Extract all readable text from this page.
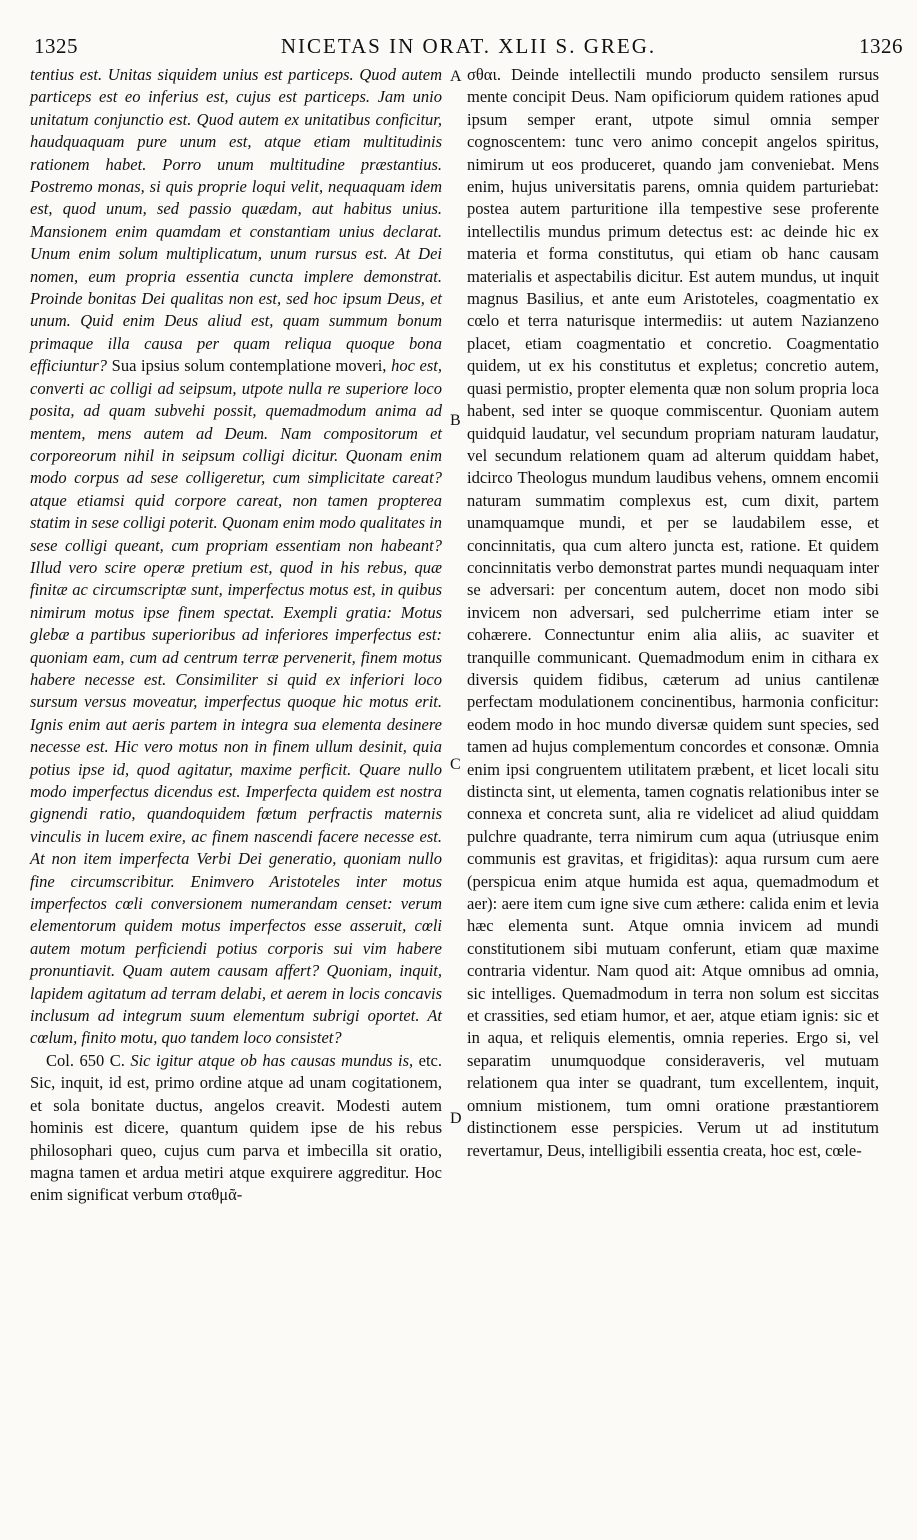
1325	NICETAS IN ORAT. XLII S. GREG.	1326

tentius est. Unitas siquidem unius est particeps. Quod autem particeps est eo inferius est, cujus est particeps. Jam unio unitatum conjunctio est. Quod autem ex unitatibus conficitur, haudquaquam pure unum est, atque etiam multitudinis rationem habet. Porro unum multitudine præstantius. Postremo monas, si quis proprie loqui velit, nequaquam idem est, quod unum, sed passio quædam, aut habitus unius. Mansionem enim quamdam et constantiam unius declarat. Unum enim solum multiplicatum, unum rursus est. At Dei nomen, eum propria essentia cuncta implere demonstrat. Proinde bonitas Dei qualitas non est, sed hoc ipsum Deus, et unum. Quid enim Deus aliud est, quam summum bonum primaque illa causa per quam reliqua quoque bona efficiuntur? Sua ipsius solum contemplatione moveri, hoc est, converti ac colligi ad seipsum, utpote nulla re superiore loco posita, ad quam subvehi possit, quemadmodum anima ad mentem, mens autem ad Deum. Nam compositorum et corporeorum nihil in seipsum colligi dicitur. Quonam enim modo corpus ad sese colligeretur, cum simplicitate careat? atque etiamsi quid corpore careat, non tamen propterea statim in sese colligi poterit. Quonam enim modo qualitates in sese colligi queant, cum propriam essentiam non habeant? Illud vero scire operæ pretium est, quod in his rebus, quæ finitæ ac circumscriptæ sunt, imperfectus motus est, in quibus nimirum motus ipse finem spectat. Exempli gratia: Motus glebæ a partibus superioribus ad inferiores imperfectus est: quoniam eam, cum ad centrum terræ pervenerit, finem motus habere necesse est. Consimiliter si quid ex inferiori loco sursum versus moveatur, imperfectus quoque hic motus erit. Ignis enim aut aeris partem in integra sua elementa desinere necesse est. Hic vero motus non in finem ullum desinit, quia potius ipse id, quod agitatur, maxime perficit. Quare nullo modo imperfectus dicendus est. Imperfecta quidem est nostra gignendi ratio, quandoquidem fœtum perfractis maternis vinculis in lucem exire, ac finem nascendi facere necesse est. At non item imperfecta Verbi Dei generatio, quoniam nullo fine circumscribitur. Enimvero Aristoteles inter motus imperfectos cœli conversionem numerandam censet: verum elementorum quidem motus imperfectos esse asseruit, cœli autem motum perficiendi potius corporis sui vim habere pronuntiavit. Quam autem causam affert? Quoniam, inquit, lapidem agitatum ad terram delabi, et aerem in locis concavis inclusum ad integrum suum elementum subrigi oportet. At cœlum, finito motu, quo tandem loco consistet?

Col. 650 C. Sic igitur atque ob has causas mundus is, etc. Sic, inquit, id est, primo ordine atque ad unam cogitationem, et sola bonitate ductus, angelos creavit. Modesti autem hominis est dicere, quantum quidem ipse de his rebus philosophari queo, cujus cum parva et imbecilla sit oratio, magna tamen et ardua metiri atque exquirere aggreditur. Hoc enim significat verbum σταθμᾶ-

A
B
C
D

σθαι. Deinde intellectili mundo producto sensilem rursus mente concipit Deus. Nam opificiorum quidem rationes apud ipsum semper erant, utpote simul omnia semper cognoscentem: tunc vero animo concepit angelos spiritus, nimirum ut eos produceret, quando jam conveniebat. Mens enim, hujus universitatis parens, omnia quidem parturiebat: postea autem parturitione illa tempestive sese proferente intellectilis mundus primum detectus est: ac deinde hic ex materia et forma constitutus, qui etiam ob hanc causam materialis et aspectabilis dicitur. Est autem mundus, ut inquit magnus Basilius, et ante eum Aristoteles, coagmentatio ex cœlo et terra naturisque intermediis: ut autem Nazianzeno placet, etiam coagmentatio et concretio. Coagmentatio quidem, ut ex his constitutus et expletus; concretio autem, quasi permistio, propter elementa quæ non solum propria loca habent, sed inter se quoque commiscentur. Quoniam autem quidquid laudatur, vel secundum propriam naturam laudatur, vel secundum relationem quam ad alterum quiddam habet, idcirco Theologus mundum laudibus vehens, omnem encomii naturam summatim complexus est, cum dixit, partem unamquamque mundi, et per se laudabilem esse, et concinnitatis, qua cum altero juncta est, ratione. Et quidem concinnitatis verbo demonstrat partes mundi nequaquam inter se adversari: per concentum autem, docet non modo sibi invicem non adversari, sed pulcherrime etiam inter se cohærere. Connectuntur enim alia aliis, ac suaviter et tranquille communicant. Quemadmodum enim in cithara ex diversis quidem fidibus, cæterum ad unius cantilenæ perfectam modulationem concinentibus, harmonia conficitur: eodem modo in hoc mundo diversæ quidem sunt species, sed tamen ad hujus complementum concordes et consonæ. Omnia enim ipsi congruentem utilitatem præbent, et licet locali situ distincta sint, ut elementa, tamen cognatis relationibus inter se connexa et concreta sunt, alia re videlicet ad aliud quiddam pulchre quadrante, terra nimirum cum aqua (utriusque enim communis est gravitas, et frigiditas): aqua rursum cum aere (perspicua enim atque humida est aqua, quemadmodum et aer): aere item cum igne sive cum æthere: calida enim et levia hæc elementa sunt. Atque omnia invicem ad mundi constitutionem sibi mutuam conferunt, etiam quæ maxime contraria videntur. Nam quod ait: Atque omnibus ad omnia, sic intelliges. Quemadmodum in terra non solum est siccitas et crassities, sed etiam humor, et aer, atque etiam ignis: sic et in aqua, et reliquis elementis, omnia reperies. Ergo si, vel separatim unumquodque consideraveris, vel mutuam relationem qua inter se quadrant, tum excellentem, inquit, omnium mistionem, tum omni oratione præstantiorem distinctionem esse perspicies. Verum ut ad institutum revertamur, Deus, intelligibili essentia creata, hoc est, cœle-
